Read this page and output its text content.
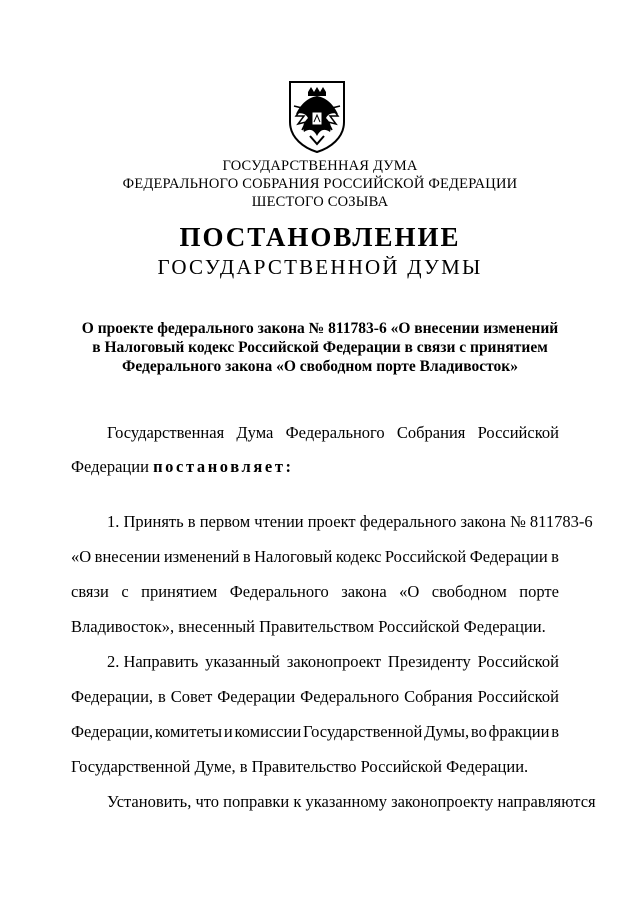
ГОСУДАРСТВЕННАЯ ДУМА
ФЕДЕРАЛЬНОГО СОБРАНИЯ РОССИЙСКОЙ ФЕДЕРАЦИИ
ШЕСТОГО СОЗЫВА
ПОСТАНОВЛЕНИЕ
ГОСУДАРСТВЕННОЙ ДУМЫ
О проекте федерального закона № 811783-6 «О внесении изменений
в Налоговый кодекс Российской Федерации в связи с принятием
Федерального закона «О свободном порте Владивосток»
Государственная Дума Федерального Собрания Российской
Федерации постановляет:
1. Принять в первом чтении проект федерального закона № 811783-6
«О внесении изменений в Налоговый кодекс Российской Федерации в
связи с принятием Федерального закона «О свободном порте
Владивосток», внесенный Правительством Российской Федерации.
2. Направить указанный законопроект Президенту Российской
Федерации, в Совет Федерации Федерального Собрания Российской
Федерации, комитеты и комиссии Государственной Думы, во фракции в
Государственной Думе, в Правительство Российской Федерации.
Установить, что поправки к указанному законопроекту направляются
